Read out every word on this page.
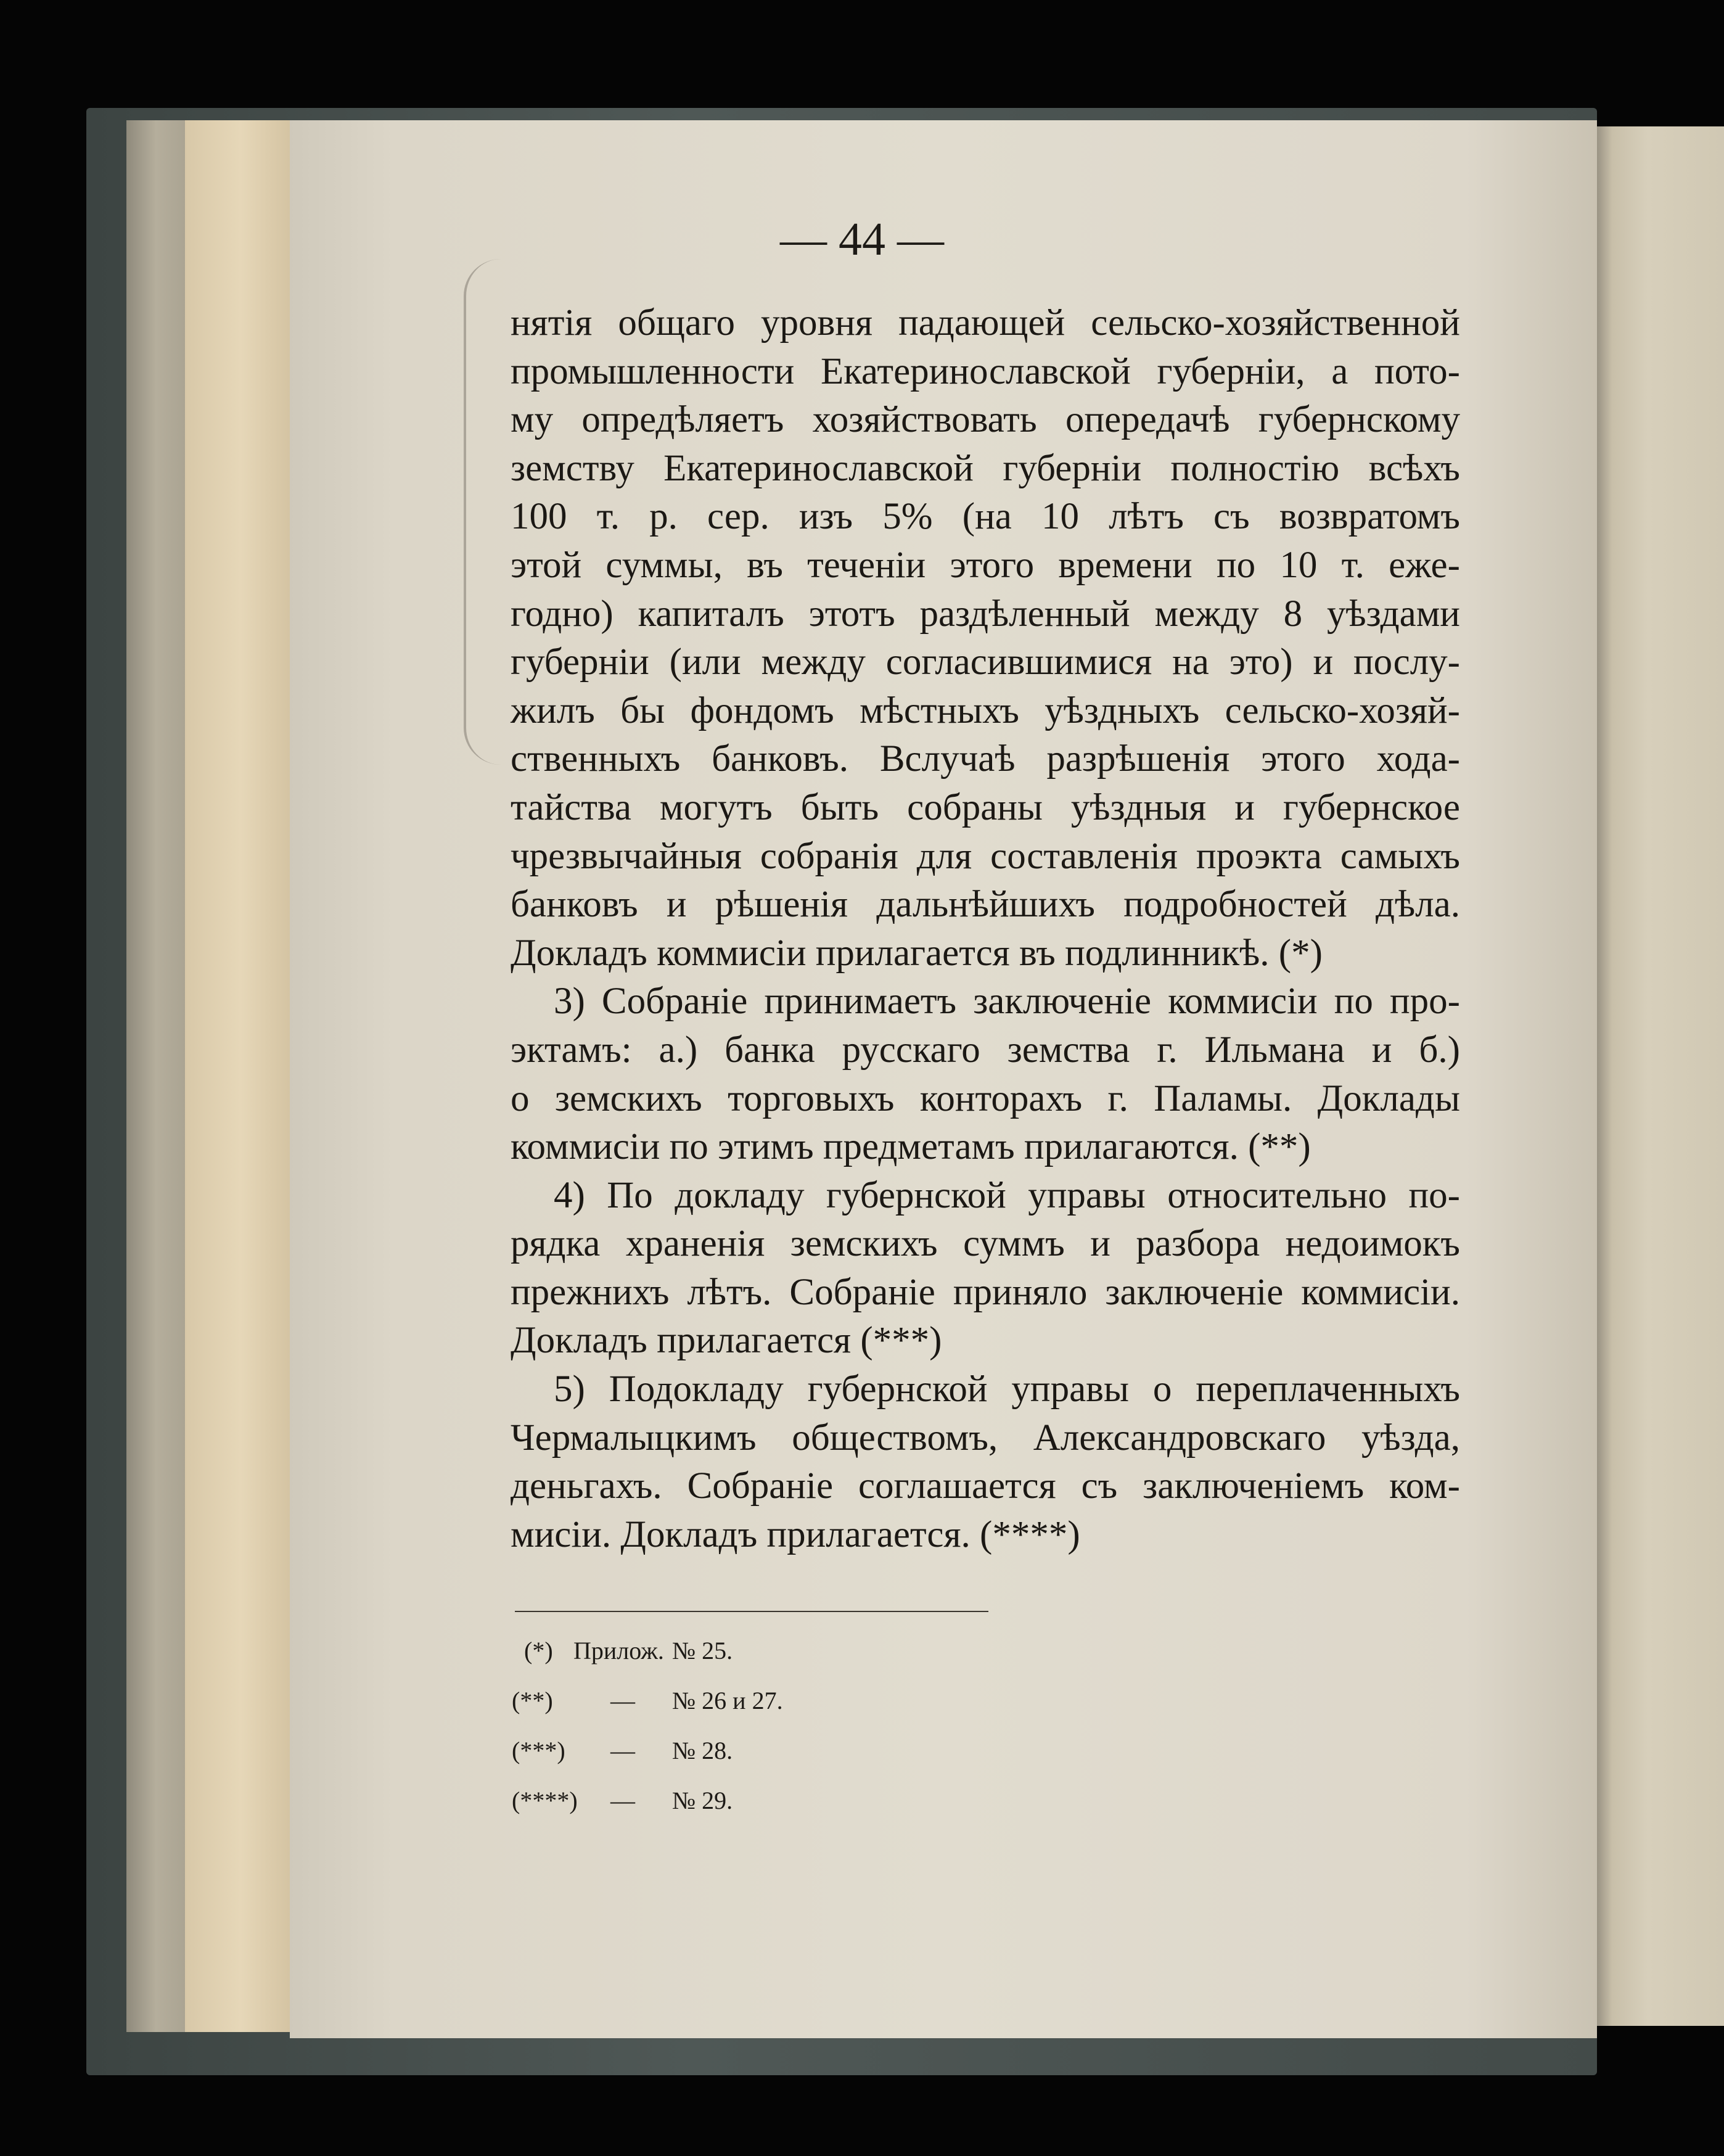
— 44 —
нятія общаго уровня падающей сельско-хозяйственной
промышленности Екатеринославской губерніи, а пото-
му опредѣляетъ хозяйствовать опередачѣ губернскому
земству Екатеринославской губерніи полностію всѣхъ
100 т. р. сер. изъ 5% (на 10 лѣтъ съ возвратомъ
этой суммы, въ теченіи этого времени по 10 т. еже-
годно) капиталъ этотъ раздѣленный между 8 уѣздами
губерніи (или между согласившимися на это) и послу-
жилъ бы фондомъ мѣстныхъ уѣздныхъ сельско-хозяй-
ственныхъ банковъ. Вслучаѣ разрѣшенія этого хода-
тайства могутъ быть собраны уѣздныя и губернское
чрезвычайныя собранія для составленія проэкта самыхъ
банковъ и рѣшенія дальнѣйшихъ подробностей дѣла.
Докладъ коммисіи прилагается въ подлинникѣ. (*)
3) Собраніе принимаетъ заключеніе коммисіи по про-
эктамъ: а.) банка русскаго земства г. Ильмана и б.)
о земскихъ торговыхъ конторахъ г. Паламы. Доклады
коммисіи по этимъ предметамъ прилагаются. (**)
4) По докладу губернской управы относительно по-
рядка храненія земскихъ суммъ и разбора недоимокъ
прежнихъ лѣтъ. Собраніе приняло заключеніе коммисіи.
Докладъ прилагается (***)
5) Подокладу губернской управы о переплаченныхъ
Чермалыцкимъ обществомъ, Александровскаго уѣзда,
деньгахъ. Собраніе соглашается съ заключеніемъ ком-
мисіи. Докладъ прилагается. (****)
(*) Прилож. № 25.
(**) — № 26 и 27.
(***) — № 28.
(****) — № 29.
